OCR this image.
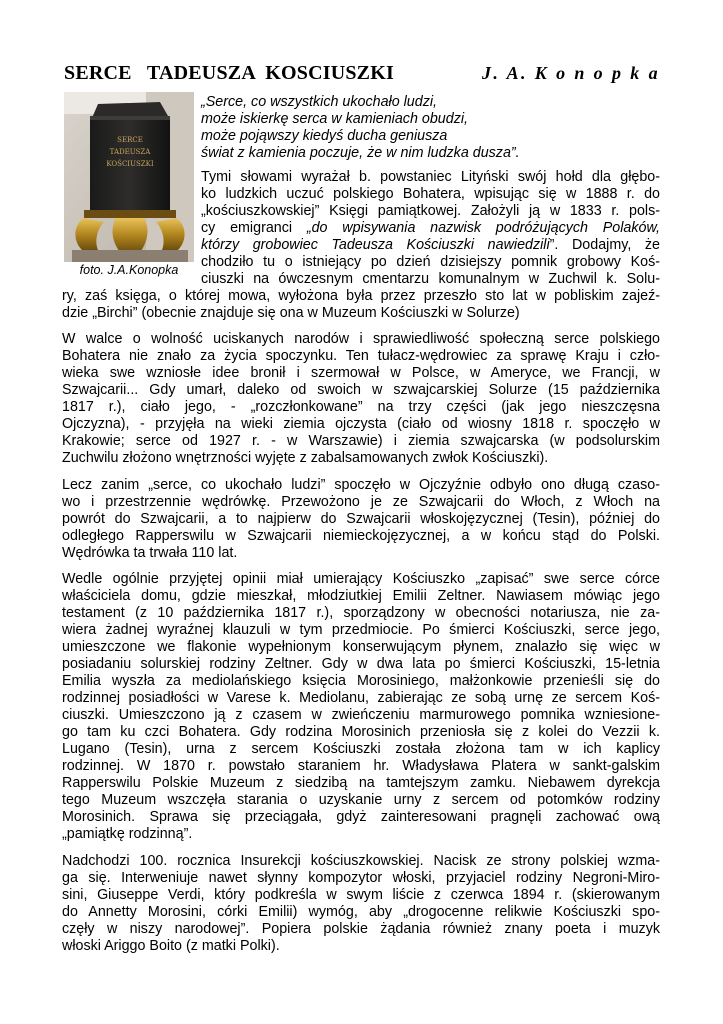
SERCE   TADEUSZA  KOSCIUSZKI	J. A. K o n o p k a
SERCE
TADEUSZA
KOŚCIUSZKI
foto. J.A.Konopka
„Serce, co wszystkich ukochało ludzi,
może iskierkę serca w kamieniach obudzi,
może pojąwszy kiedyś ducha geniusza
świat z kamienia poczuje, że w nim ludzka dusza”.
Tymi słowami wyrażał b. powstaniec Lityński swój hołd dla głębo-
ko ludzkich uczuć polskiego Bohatera, wpisując się w 1888 r. do
„kościuszkowskiej” Księgi pamiątkowej. Założyli ją w 1833 r. pols-
cy emigranci „do wpisywania nazwisk podróżujących Polaków,
którzy grobowiec Tadeusza Kościuszki nawiedzili”. Dodajmy, że
chodziło tu o istniejący po dzień dzisiejszy pomnik grobowy Koś-
ciuszki na ówczesnym cmentarzu komunalnym w Zuchwil k. Solu-
ry, zaś księga, o której mowa, wyłożona była przez przeszło sto lat w pobliskim zajeź-
dzie „Birchi” (obecnie znajduje się ona w Muzeum Kościuszki w Solurze)
W walce o wolność uciskanych narodów i sprawiedliwość społeczną serce polskiego
Bohatera nie znało za życia spoczynku. Ten tułacz-wędrowiec za sprawę Kraju i czło-
wieka swe wzniosłe idee bronił i szermował w Polsce, w Ameryce, we Francji, w
Szwajcarii... Gdy umarł, daleko od swoich w szwajcarskiej Solurze (15 października
1817 r.), ciało jego, - „rozczłonkowane” na trzy części (jak jego nieszczęsna
Ojczyzna), - przyjęła na wieki ziemia ojczysta (ciało od wiosny 1818 r. spoczęło w
Krakowie; serce od 1927 r. - w Warszawie) i ziemia szwajcarska (w podsolurskim
Zuchwilu złożono wnętrzności wyjęte z zabalsamowanych zwłok Kościuszki).
Lecz zanim „serce, co ukochało ludzi” spoczęło w Ojczyźnie odbyło ono długą czaso-
wo i przestrzennie wędrówkę. Przewożono je ze Szwajcarii do Włoch, z Włoch na
powrót do Szwajcarii, a to najpierw do Szwajcarii włoskojęzycznej (Tesin), później do
odległego Rapperswilu w Szwajcarii niemieckojęzycznej, a w końcu stąd do Polski.
Wędrówka ta trwała 110 lat.
Wedle ogólnie przyjętej opinii miał umierający Kościuszko „zapisać” swe serce córce
właściciela domu, gdzie mieszkał, młodziutkiej Emilii Zeltner. Nawiasem mówiąc jego
testament (z 10 października 1817 r.), sporządzony w obecności notariusza, nie za-
wiera żadnej wyraźnej klauzuli w tym przedmiocie. Po śmierci Kościuszki, serce jego,
umieszczone we flakonie wypełnionym konserwującym płynem, znalazło się więc w
posiadaniu solurskiej rodziny Zeltner. Gdy w dwa lata po śmierci Kościuszki, 15-letnia
Emilia wyszła za mediolańskiego księcia Morosiniego, małżonkowie przenieśli się do
rodzinnej posiadłości w Varese k. Mediolanu, zabierając ze sobą urnę ze sercem Koś-
ciuszki. Umieszczono ją z czasem w zwieńczeniu marmurowego pomnika wzniesione-
go tam ku czci Bohatera. Gdy rodzina Morosinich przeniosła się z kolei do Vezzii k.
Lugano (Tesin), urna z sercem Kościuszki została złożona tam w ich kaplicy
rodzinnej. W 1870 r. powstało staraniem hr. Władysława Platera w sankt-galskim
Rapperswilu Polskie Muzeum z siedzibą na tamtejszym zamku. Niebawem dyrekcja
tego Muzeum wszczęła starania o uzyskanie urny z sercem od potomków rodziny
Morosinich. Sprawa się przeciągała, gdyż zainteresowani pragnęli zachować ową
„pamiątkę rodzinną”.
Nadchodzi 100. rocznica Insurekcji kościuszkowskiej. Nacisk ze strony polskiej wzma-
ga się. Interweniuje nawet słynny kompozytor włoski, przyjaciel rodziny Negroni-Miro-
sini, Giuseppe Verdi, który podkreśla w swym liście z czerwca 1894 r. (skierowanym
do Annetty Morosini, córki Emilii) wymóg, aby „drogocenne relikwie Kościuszki spo-
częły w niszy narodowej”. Popiera polskie żądania również znany poeta i muzyk
włoski Ariggo Boito (z matki Polki).
